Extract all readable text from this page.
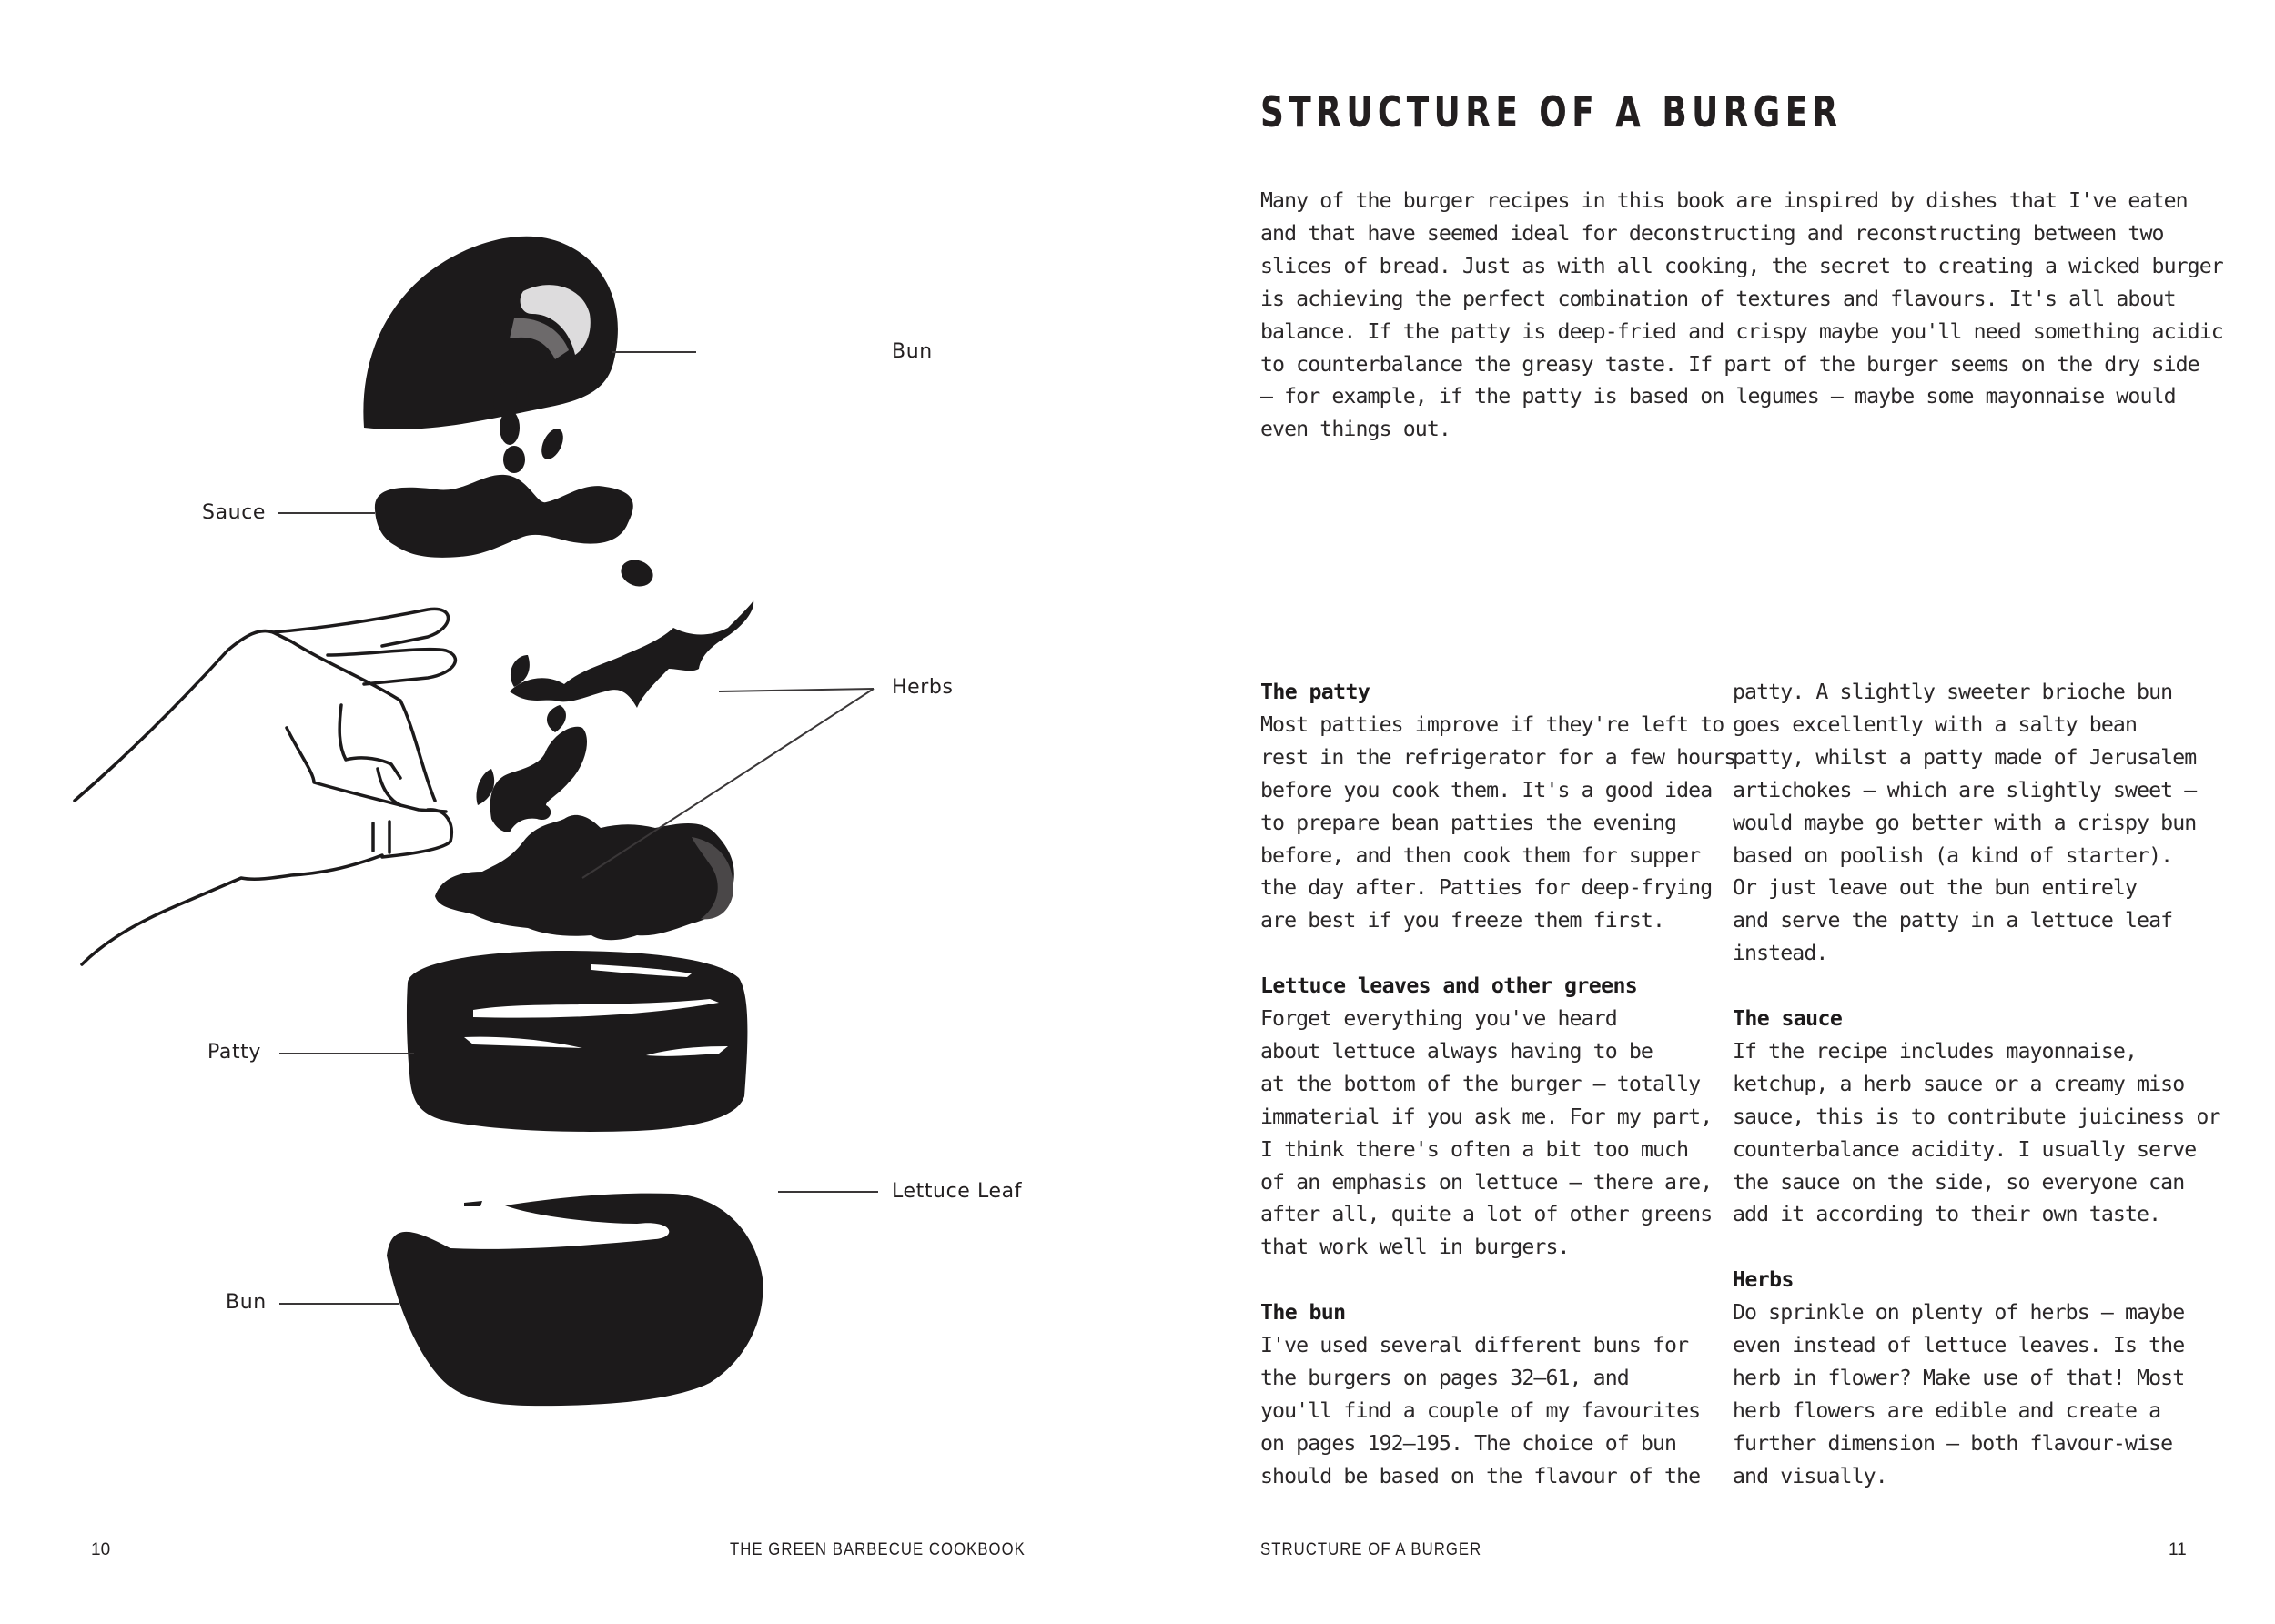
Bun
Sauce
Herbs
Lettuce Leaf
Patty
Bun
10	THE GREEN BARBECUE COOKBOOK
STRUCTURE OF A BURGER
Many of the burger recipes in this book are inspired by dishes that I've eaten
and that have seemed ideal for deconstructing and reconstructing between two
slices of bread. Just as with all cooking, the secret to creating a wicked burger
is achieving the perfect combination of textures and flavours. It's all about
balance. If the patty is deep-fried and crispy maybe you'll need something acidic
to counterbalance the greasy taste. If part of the burger seems on the dry side
— for example, if the patty is based on legumes — maybe some mayonnaise would
even things out.
The patty
Most patties improve if they're left to
rest in the refrigerator for a few hours
before you cook them. It's a good idea
to prepare bean patties the evening
before, and then cook them for supper
the day after. Patties for deep-frying
are best if you freeze them first.
Lettuce leaves and other greens
Forget everything you've heard
about lettuce always having to be
at the bottom of the burger – totally
immaterial if you ask me. For my part,
I think there's often a bit too much
of an emphasis on lettuce – there are,
after all, quite a lot of other greens
that work well in burgers.
The bun
I've used several different buns for
the burgers on pages 32—61, and
you'll find a couple of my favourites
on pages 192—195. The choice of bun
should be based on the flavour of the
patty. A slightly sweeter brioche bun
goes excellently with a salty bean
patty, whilst a patty made of Jerusalem
artichokes — which are slightly sweet —
would maybe go better with a crispy bun
based on poolish (a kind of starter).
Or just leave out the bun entirely
and serve the patty in a lettuce leaf
instead.
The sauce
If the recipe includes mayonnaise,
ketchup, a herb sauce or a creamy miso
sauce, this is to contribute juiciness or
counterbalance acidity. I usually serve
the sauce on the side, so everyone can
add it according to their own taste.
Herbs
Do sprinkle on plenty of herbs – maybe
even instead of lettuce leaves. Is the
herb in flower? Make use of that! Most
herb flowers are edible and create a
further dimension – both flavour-wise
and visually.
STRUCTURE OF A BURGER	11
